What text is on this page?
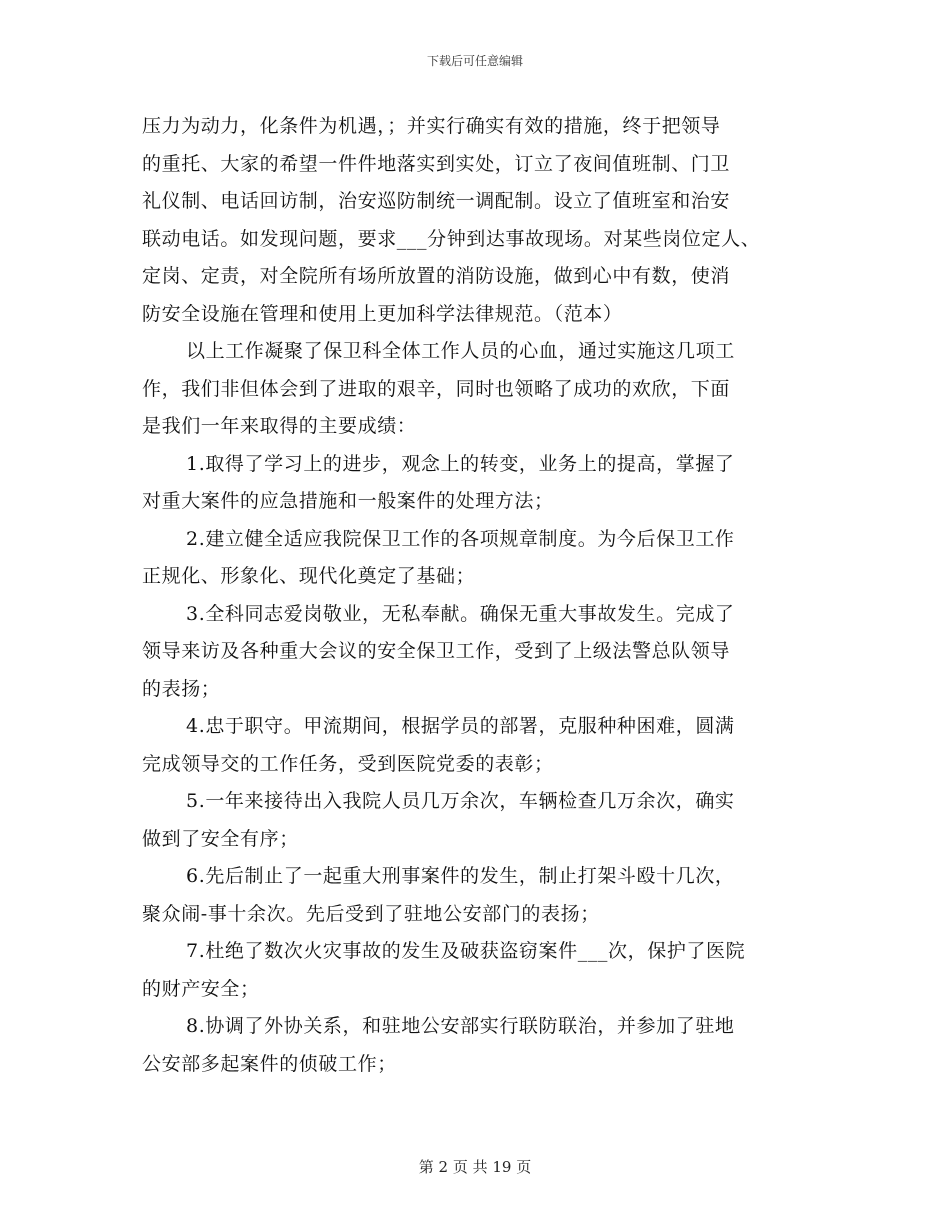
下载后可任意编辑
压力为动力，化条件为机遇，；并实行确实有效的措施，终于把领导
的重托、大家的希望一件件地落实到实处，订立了夜间值班制、门卫
礼仪制、电话回访制，治安巡防制统一调配制。设立了值班室和治安
联动电话。如发现问题，要求___分钟到达事故现场。对某些岗位定人、
定岗、定责，对全院所有场所放置的消防设施，做到心中有数，使消
防安全设施在管理和使用上更加科学法律规范。（范本）
以上工作凝聚了保卫科全体工作人员的心血，通过实施这几项工
作，我们非但体会到了进取的艰辛，同时也领略了成功的欢欣，下面
是我们一年来取得的主要成绩：
1.取得了学习上的进步，观念上的转变，业务上的提高，掌握了
对重大案件的应急措施和一般案件的处理方法；
2.建立健全适应我院保卫工作的各项规章制度。为今后保卫工作
正规化、形象化、现代化奠定了基础；
3.全科同志爱岗敬业，无私奉献。确保无重大事故发生。完成了
领导来访及各种重大会议的安全保卫工作，受到了上级法警总队领导
的表扬；
4.忠于职守。甲流期间，根据学员的部署，克服种种困难，圆满
完成领导交的工作任务，受到医院党委的表彰；
5.一年来接待出入我院人员几万余次，车辆检查几万余次，确实
做到了安全有序；
6.先后制止了一起重大刑事案件的发生，制止打架斗殴十几次，
聚众闹-事十余次。先后受到了驻地公安部门的表扬；
7.杜绝了数次火灾事故的发生及破获盗窃案件___次，保护了医院
的财产安全；
8.协调了外协关系，和驻地公安部实行联防联治，并参加了驻地
公安部多起案件的侦破工作；
第 2 页 共 19 页
